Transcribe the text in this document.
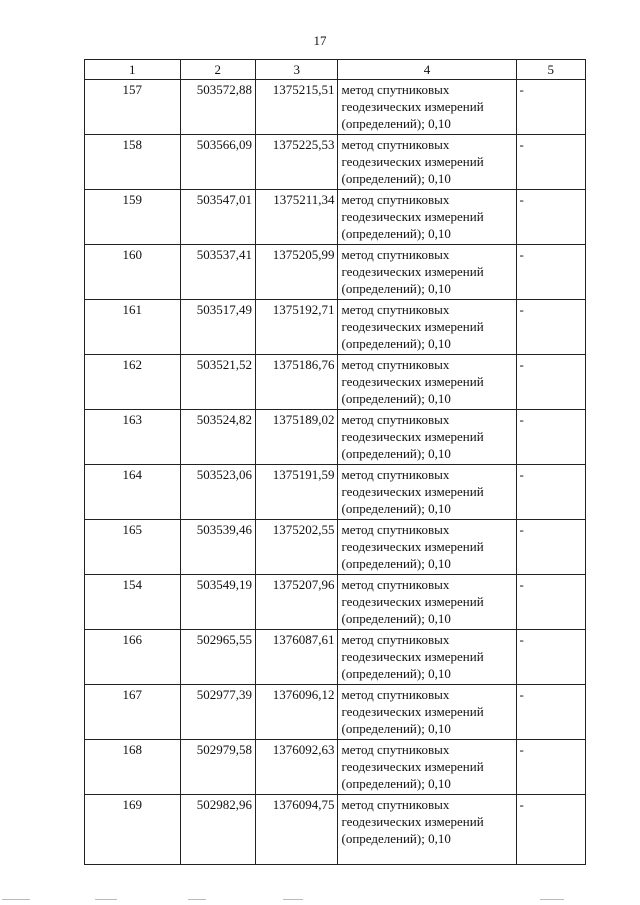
17
1	2	3	4	5
157	503572,88	1375215,51	метод спутниковых
геодезических измерений
(определений); 0,10	-
158	503566,09	1375225,53	метод спутниковых
геодезических измерений
(определений); 0,10	-
159	503547,01	1375211,34	метод спутниковых
геодезических измерений
(определений); 0,10	-
160	503537,41	1375205,99	метод спутниковых
геодезических измерений
(определений); 0,10	-
161	503517,49	1375192,71	метод спутниковых
геодезических измерений
(определений); 0,10	-
162	503521,52	1375186,76	метод спутниковых
геодезических измерений
(определений); 0,10	-
163	503524,82	1375189,02	метод спутниковых
геодезических измерений
(определений); 0,10	-
164	503523,06	1375191,59	метод спутниковых
геодезических измерений
(определений); 0,10	-
165	503539,46	1375202,55	метод спутниковых
геодезических измерений
(определений); 0,10	-
154	503549,19	1375207,96	метод спутниковых
геодезических измерений
(определений); 0,10	-
166	502965,55	1376087,61	метод спутниковых
геодезических измерений
(определений); 0,10	-
167	502977,39	1376096,12	метод спутниковых
геодезических измерений
(определений); 0,10	-
168	502979,58	1376092,63	метод спутниковых
геодезических измерений
(определений); 0,10	-
169	502982,96	1376094,75	метод спутниковых
геодезических измерений
(определений); 0,10	-
